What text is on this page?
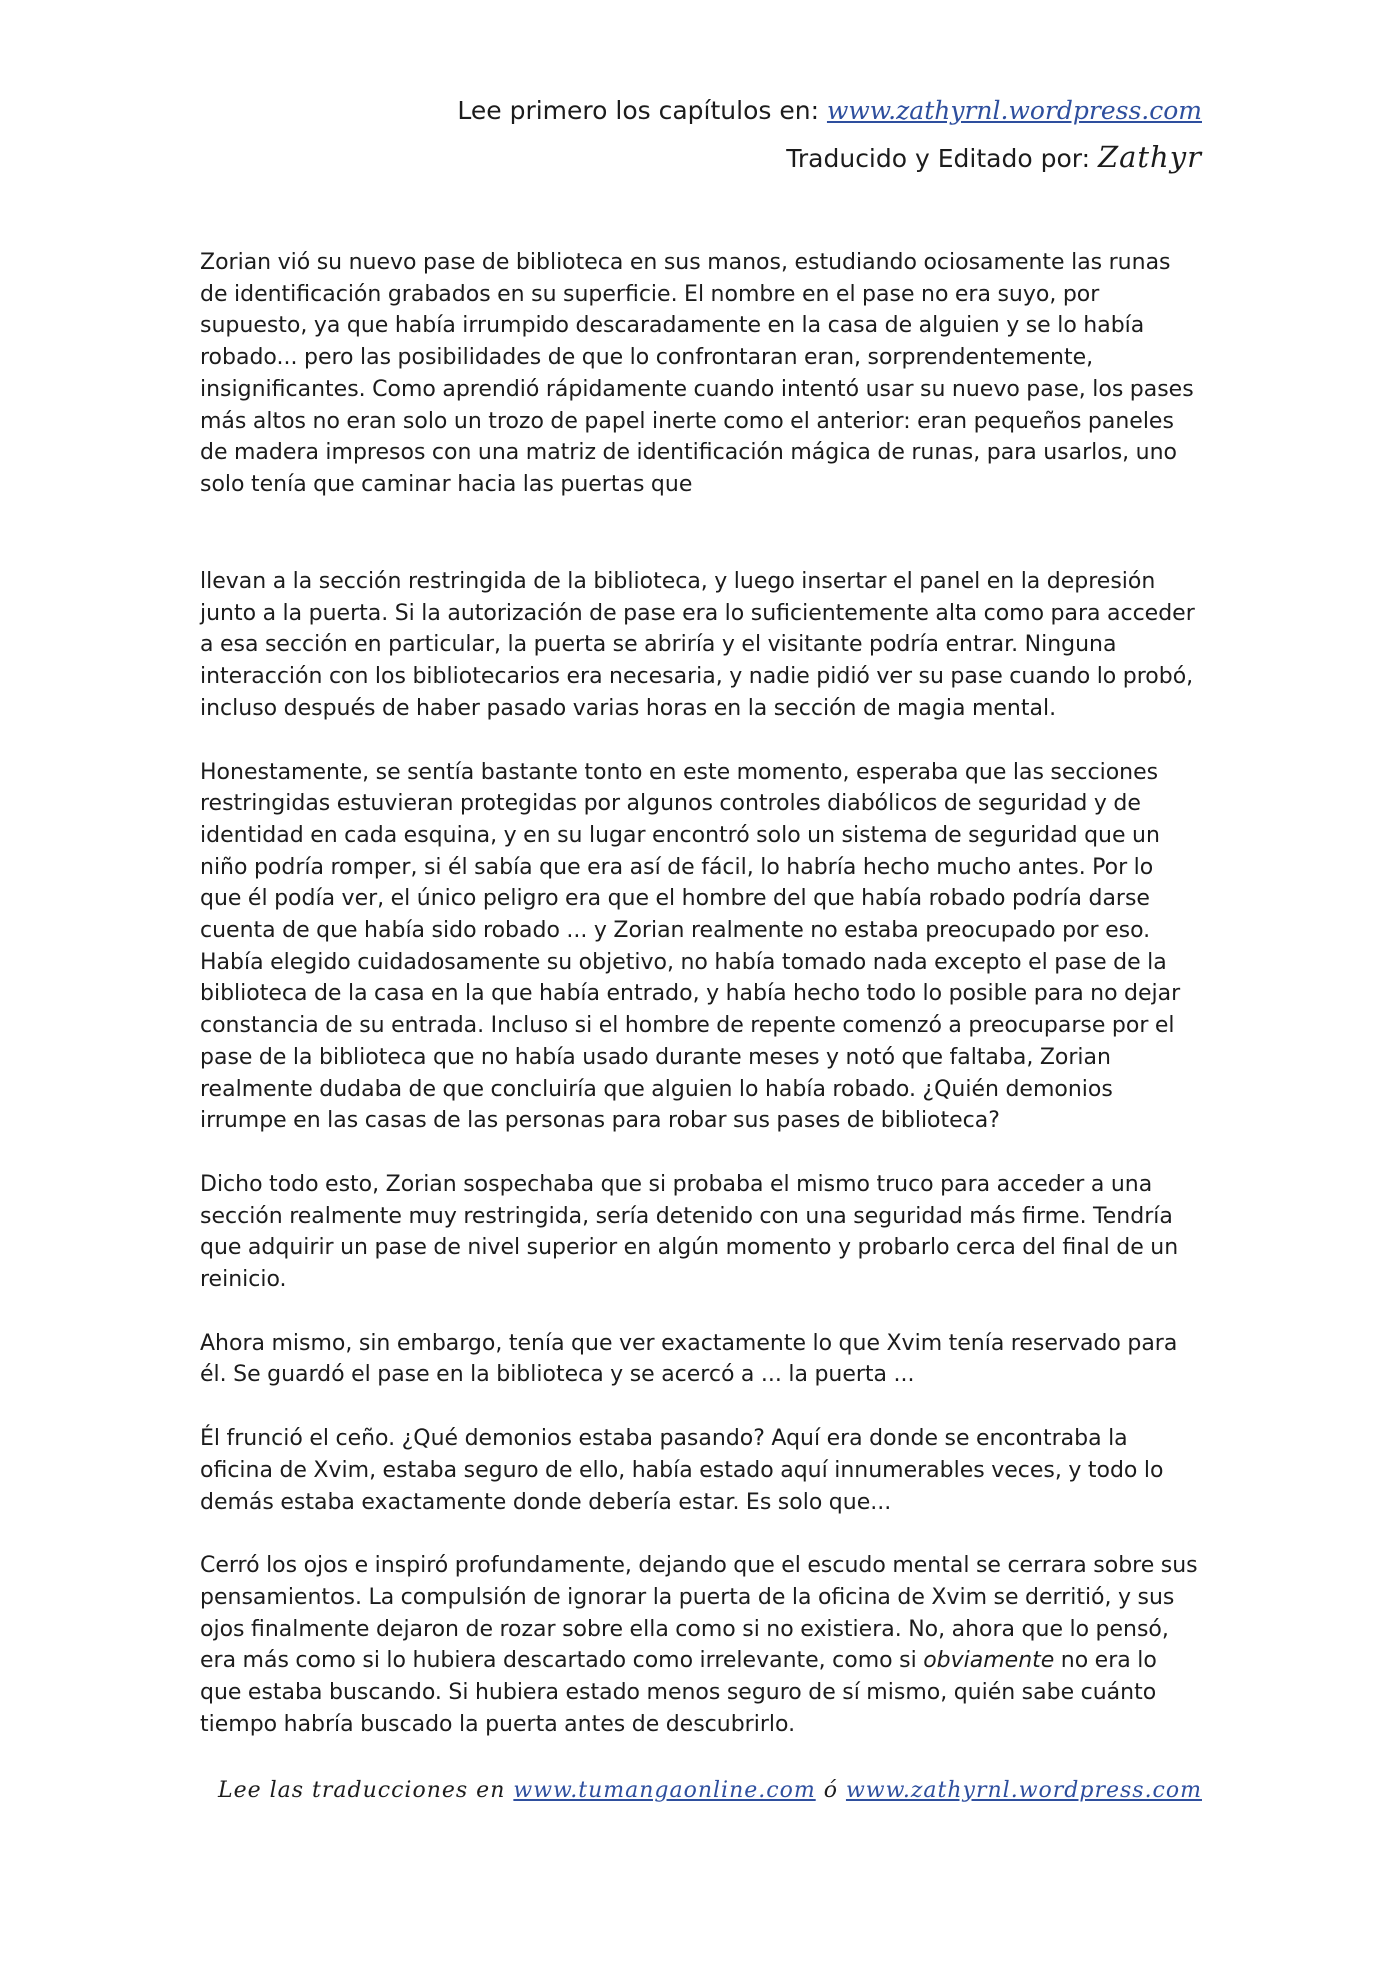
Lee primero los capítulos en: www.zathyrnl.wordpress.com
Traducido y Editado por: Zathyr

Zorian vió su nuevo pase de biblioteca en sus manos, estudiando ociosamente las runas de identificación grabados en su superficie. El nombre en el pase no era suyo, por supuesto, ya que había irrumpido descaradamente en la casa de alguien y se lo había robado... pero las posibilidades de que lo confrontaran eran, sorprendentemente, insignificantes. Como aprendió rápidamente cuando intentó usar su nuevo pase, los pases más altos no eran solo un trozo de papel inerte como el anterior: eran pequeños paneles de madera impresos con una matriz de identificación mágica de runas, para usarlos, uno solo tenía que caminar hacia las puertas que

llevan a la sección restringida de la biblioteca, y luego insertar el panel en la depresión junto a la puerta. Si la autorización de pase era lo suficientemente alta como para acceder a esa sección en particular, la puerta se abriría y el visitante podría entrar. Ninguna interacción con los bibliotecarios era necesaria, y nadie pidió ver su pase cuando lo probó, incluso después de haber pasado varias horas en la sección de magia mental.

Honestamente, se sentía bastante tonto en este momento, esperaba que las secciones restringidas estuvieran protegidas por algunos controles diabólicos de seguridad y de identidad en cada esquina, y en su lugar encontró solo un sistema de seguridad que un niño podría romper, si él sabía que era así de fácil, lo habría hecho mucho antes. Por lo que él podía ver, el único peligro era que el hombre del que había robado podría darse cuenta de que había sido robado ... y Zorian realmente no estaba preocupado por eso. Había elegido cuidadosamente su objetivo, no había tomado nada excepto el pase de la biblioteca de la casa en la que había entrado, y había hecho todo lo posible para no dejar constancia de su entrada. Incluso si el hombre de repente comenzó a preocuparse por el pase de la biblioteca que no había usado durante meses y notó que faltaba, Zorian realmente dudaba de que concluiría que alguien lo había robado. ¿Quién demonios irrumpe en las casas de las personas para robar sus pases de biblioteca?

Dicho todo esto, Zorian sospechaba que si probaba el mismo truco para acceder a una sección realmente muy restringida, sería detenido con una seguridad más firme. Tendría que adquirir un pase de nivel superior en algún momento y probarlo cerca del final de un reinicio.

Ahora mismo, sin embargo, tenía que ver exactamente lo que Xvim tenía reservado para él. Se guardó el pase en la biblioteca y se acercó a ... la puerta ...

Él frunció el ceño. ¿Qué demonios estaba pasando? Aquí era donde se encontraba la oficina de Xvim, estaba seguro de ello, había estado aquí innumerables veces, y todo lo demás estaba exactamente donde debería estar. Es solo que...

Cerró los ojos e inspiró profundamente, dejando que el escudo mental se cerrara sobre sus pensamientos. La compulsión de ignorar la puerta de la oficina de Xvim se derritió, y sus ojos finalmente dejaron de rozar sobre ella como si no existiera. No, ahora que lo pensó, era más como si lo hubiera descartado como irrelevante, como si obviamente no era lo que estaba buscando. Si hubiera estado menos seguro de sí mismo, quién sabe cuánto tiempo habría buscado la puerta antes de descubrirlo.

Lee las traducciones en www.tumangaonline.com ó www.zathyrnl.wordpress.com
